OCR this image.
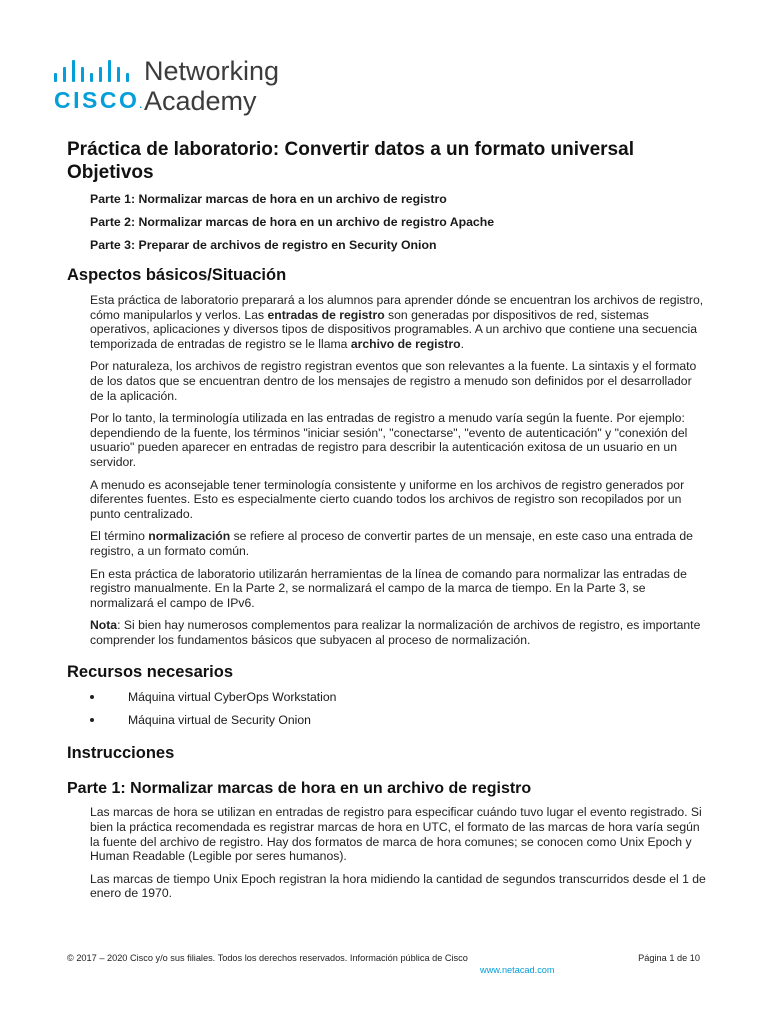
CISCO.
Networking
Academy
Práctica de laboratorio: Convertir datos a un formato universal
Objetivos
Parte 1: Normalizar marcas de hora en un archivo de registro
Parte 2: Normalizar marcas de hora en un archivo de registro Apache
Parte 3: Preparar de archivos de registro en Security Onion
Aspectos básicos/Situación

Esta práctica de laboratorio preparará a los alumnos para aprender dónde se encuentran los archivos de registro, cómo manipularlos y verlos. Las entradas de registro son generadas por dispositivos de red, sistemas operativos, aplicaciones y diversos tipos de dispositivos programables. A un archivo que contiene una secuencia temporizada de entradas de registro se le llama archivo de registro.

Por naturaleza, los archivos de registro registran eventos que son relevantes a la fuente. La sintaxis y el formato de los datos que se encuentran dentro de los mensajes de registro a menudo son definidos por el desarrollador de la aplicación.

Por lo tanto, la terminología utilizada en las entradas de registro a menudo varía según la fuente. Por ejemplo: dependiendo de la fuente, los términos "iniciar sesión", "conectarse", "evento de autenticación" y "conexión del usuario" pueden aparecer en entradas de registro para describir la autenticación exitosa de un usuario en un servidor.

A menudo es aconsejable tener terminología consistente y uniforme en los archivos de registro generados por diferentes fuentes. Esto es especialmente cierto cuando todos los archivos de registro son recopilados por un punto centralizado.

El término normalización se refiere al proceso de convertir partes de un mensaje, en este caso una entrada de registro, a un formato común.

En esta práctica de laboratorio utilizarán herramientas de la línea de comando para normalizar las entradas de registro manualmente. En la Parte 2, se normalizará el campo de la marca de tiempo. En la Parte 3, se normalizará el campo de IPv6.

Nota: Si bien hay numerosos complementos para realizar la normalización de archivos de registro, es importante comprender los fundamentos básicos que subyacen al proceso de normalización.

Recursos necesarios
Máquina virtual CyberOps Workstation
Máquina virtual de Security Onion
Instrucciones
Parte 1: Normalizar marcas de hora en un archivo de registro

Las marcas de hora se utilizan en entradas de registro para especificar cuándo tuvo lugar el evento registrado. Si bien la práctica recomendada es registrar marcas de hora en UTC, el formato de las marcas de hora varía según la fuente del archivo de registro. Hay dos formatos de marca de hora comunes; se conocen como Unix Epoch y Human Readable (Legible por seres humanos).

Las marcas de tiempo Unix Epoch registran la hora midiendo la cantidad de segundos transcurridos desde el 1 de enero de 1970.

© 2017 – 2020 Cisco y/o sus filiales. Todos los derechos reservados. Información pública de Cisco	Página 1 de 10
www.netacad.com
